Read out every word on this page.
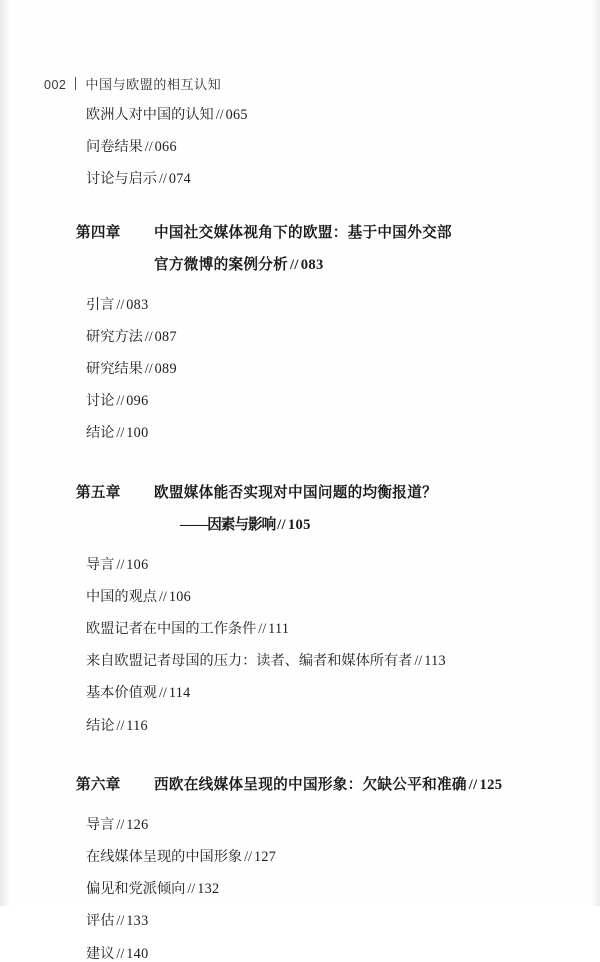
002 中国与欧盟的相互认知
欧洲人对中国的认知 // 065
问卷结果 // 066
讨论与启示 // 074
第四章	中国社交媒体视角下的欧盟：基于中国外交部
官方微博的案例分析 // 083
引言 // 083
研究方法 // 087
研究结果 // 089
讨论 // 096
结论 // 100
第五章	欧盟媒体能否实现对中国问题的均衡报道？
——因素与影响 // 105
导言 // 106
中国的观点 // 106
欧盟记者在中国的工作条件 // 111
来自欧盟记者母国的压力：读者、编者和媒体所有者 // 113
基本价值观 // 114
结论 // 116
第六章	西欧在线媒体呈现的中国形象：欠缺公平和准确 // 125
导言 // 126
在线媒体呈现的中国形象 // 127
偏见和党派倾向 // 132
评估 // 133
建议 // 140
